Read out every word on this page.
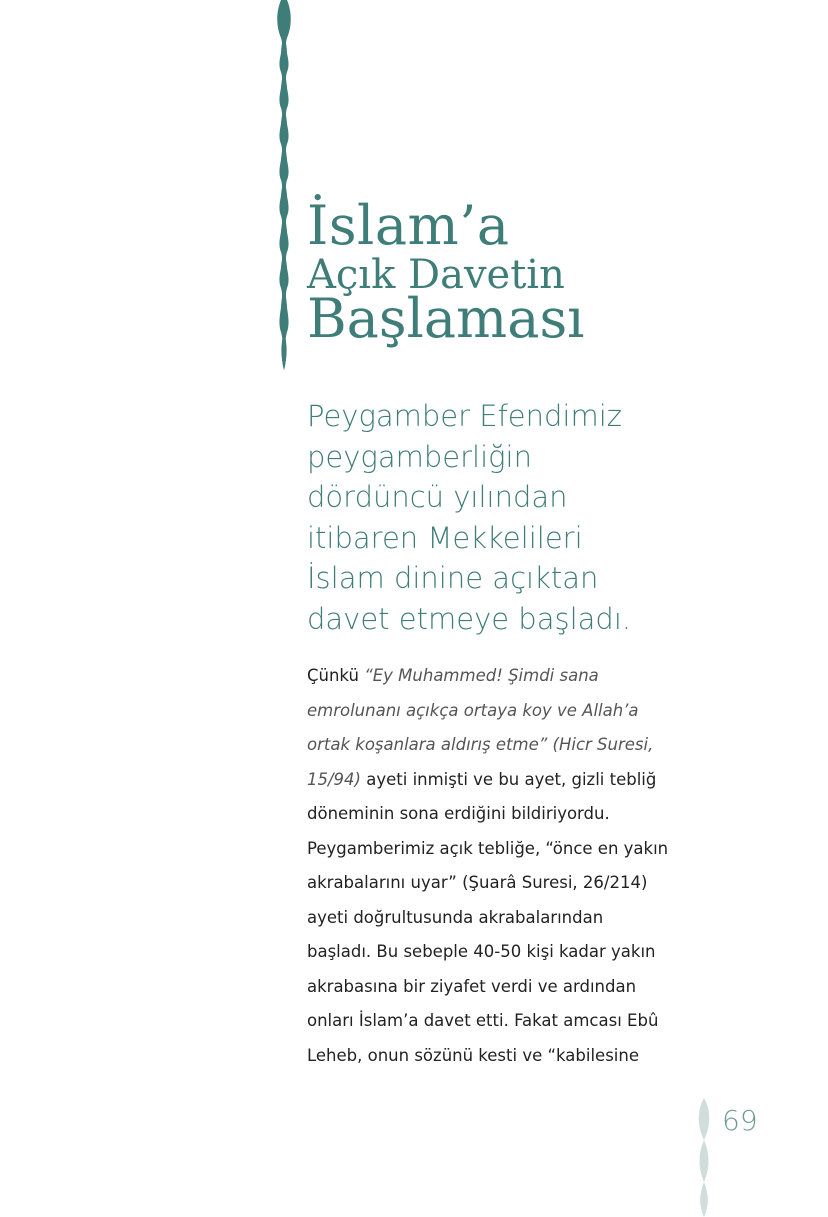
İslam’a
Açık Davetin
Başlaması
Peygamber Efendimiz
peygamberliğin
dördüncü yılından
itibaren Mekkelileri
İslam dinine açıktan
davet etmeye başladı.
Çünkü “Ey Muhammed! Şimdi sana
emrolunanı açıkça ortaya koy ve Allah’a
ortak koşanlara aldırış etme” (Hicr Suresi,
15/94) ayeti inmişti ve bu ayet, gizli tebliğ
döneminin sona erdiğini bildiriyordu.
Peygamberimiz açık tebliğe, “önce en yakın
akrabalarını uyar” (Şuarâ Suresi, 26/214)
ayeti doğrultusunda akrabalarından
başladı. Bu sebeple 40-50 kişi kadar yakın
akrabasına bir ziyafet verdi ve ardından
onları İslam’a davet etti. Fakat amcası Ebû
Leheb, onun sözünü kesti ve “kabilesine
69
